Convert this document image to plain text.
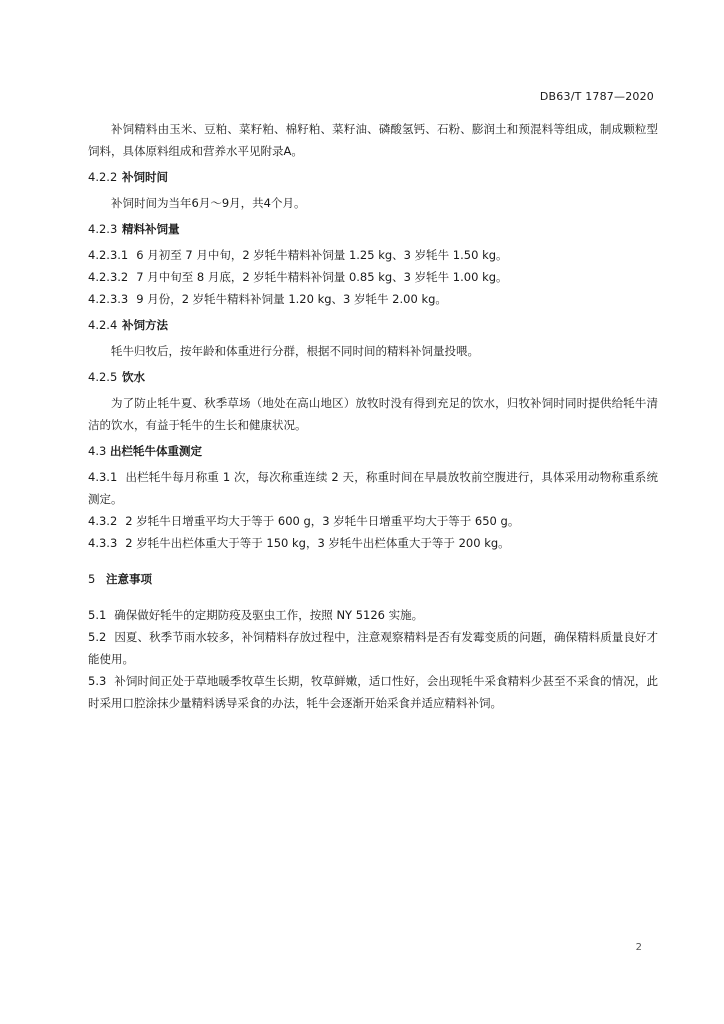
DB63/T 1787—2020

补饲精料由玉米、豆粕、菜籽粕、棉籽粕、菜籽油、磷酸氢钙、石粉、膨润土和预混料等组成，制成颗粒型饲料，具体原料组成和营养水平见附录A。

4.2.2 补饲时间

补饲时间为当年6月～9月，共4个月。

4.2.3 精料补饲量

4.2.3.1 6 月初至 7 月中旬，2 岁牦牛精料补饲量 1.25 kg、3 岁牦牛 1.50 kg。

4.2.3.2 7 月中旬至 8 月底，2 岁牦牛精料补饲量 0.85 kg、3 岁牦牛 1.00 kg。

4.2.3.3 9 月份，2 岁牦牛精料补饲量 1.20 kg、3 岁牦牛 2.00 kg。

4.2.4 补饲方法

牦牛归牧后，按年龄和体重进行分群，根据不同时间的精料补饲量投喂。

4.2.5 饮水

为了防止牦牛夏、秋季草场（地处在高山地区）放牧时没有得到充足的饮水，归牧补饲时同时提供给牦牛清洁的饮水，有益于牦牛的生长和健康状况。

4.3 出栏牦牛体重测定

4.3.1 出栏牦牛每月称重 1 次，每次称重连续 2 天，称重时间在早晨放牧前空腹进行，具体采用动物称重系统测定。

4.3.2 2 岁牦牛日增重平均大于等于 600 g，3 岁牦牛日增重平均大于等于 650 g。

4.3.3 2 岁牦牛出栏体重大于等于 150 kg，3 岁牦牛出栏体重大于等于 200 kg。

5 注意事项

5.1 确保做好牦牛的定期防疫及驱虫工作，按照 NY 5126 实施。

5.2 因夏、秋季节雨水较多，补饲精料存放过程中，注意观察精料是否有发霉变质的问题，确保精料质量良好才能使用。

5.3 补饲时间正处于草地暖季牧草生长期，牧草鲜嫩，适口性好，会出现牦牛采食精料少甚至不采食的情况，此时采用口腔涂抹少量精料诱导采食的办法，牦牛会逐渐开始采食并适应精料补饲。

2
